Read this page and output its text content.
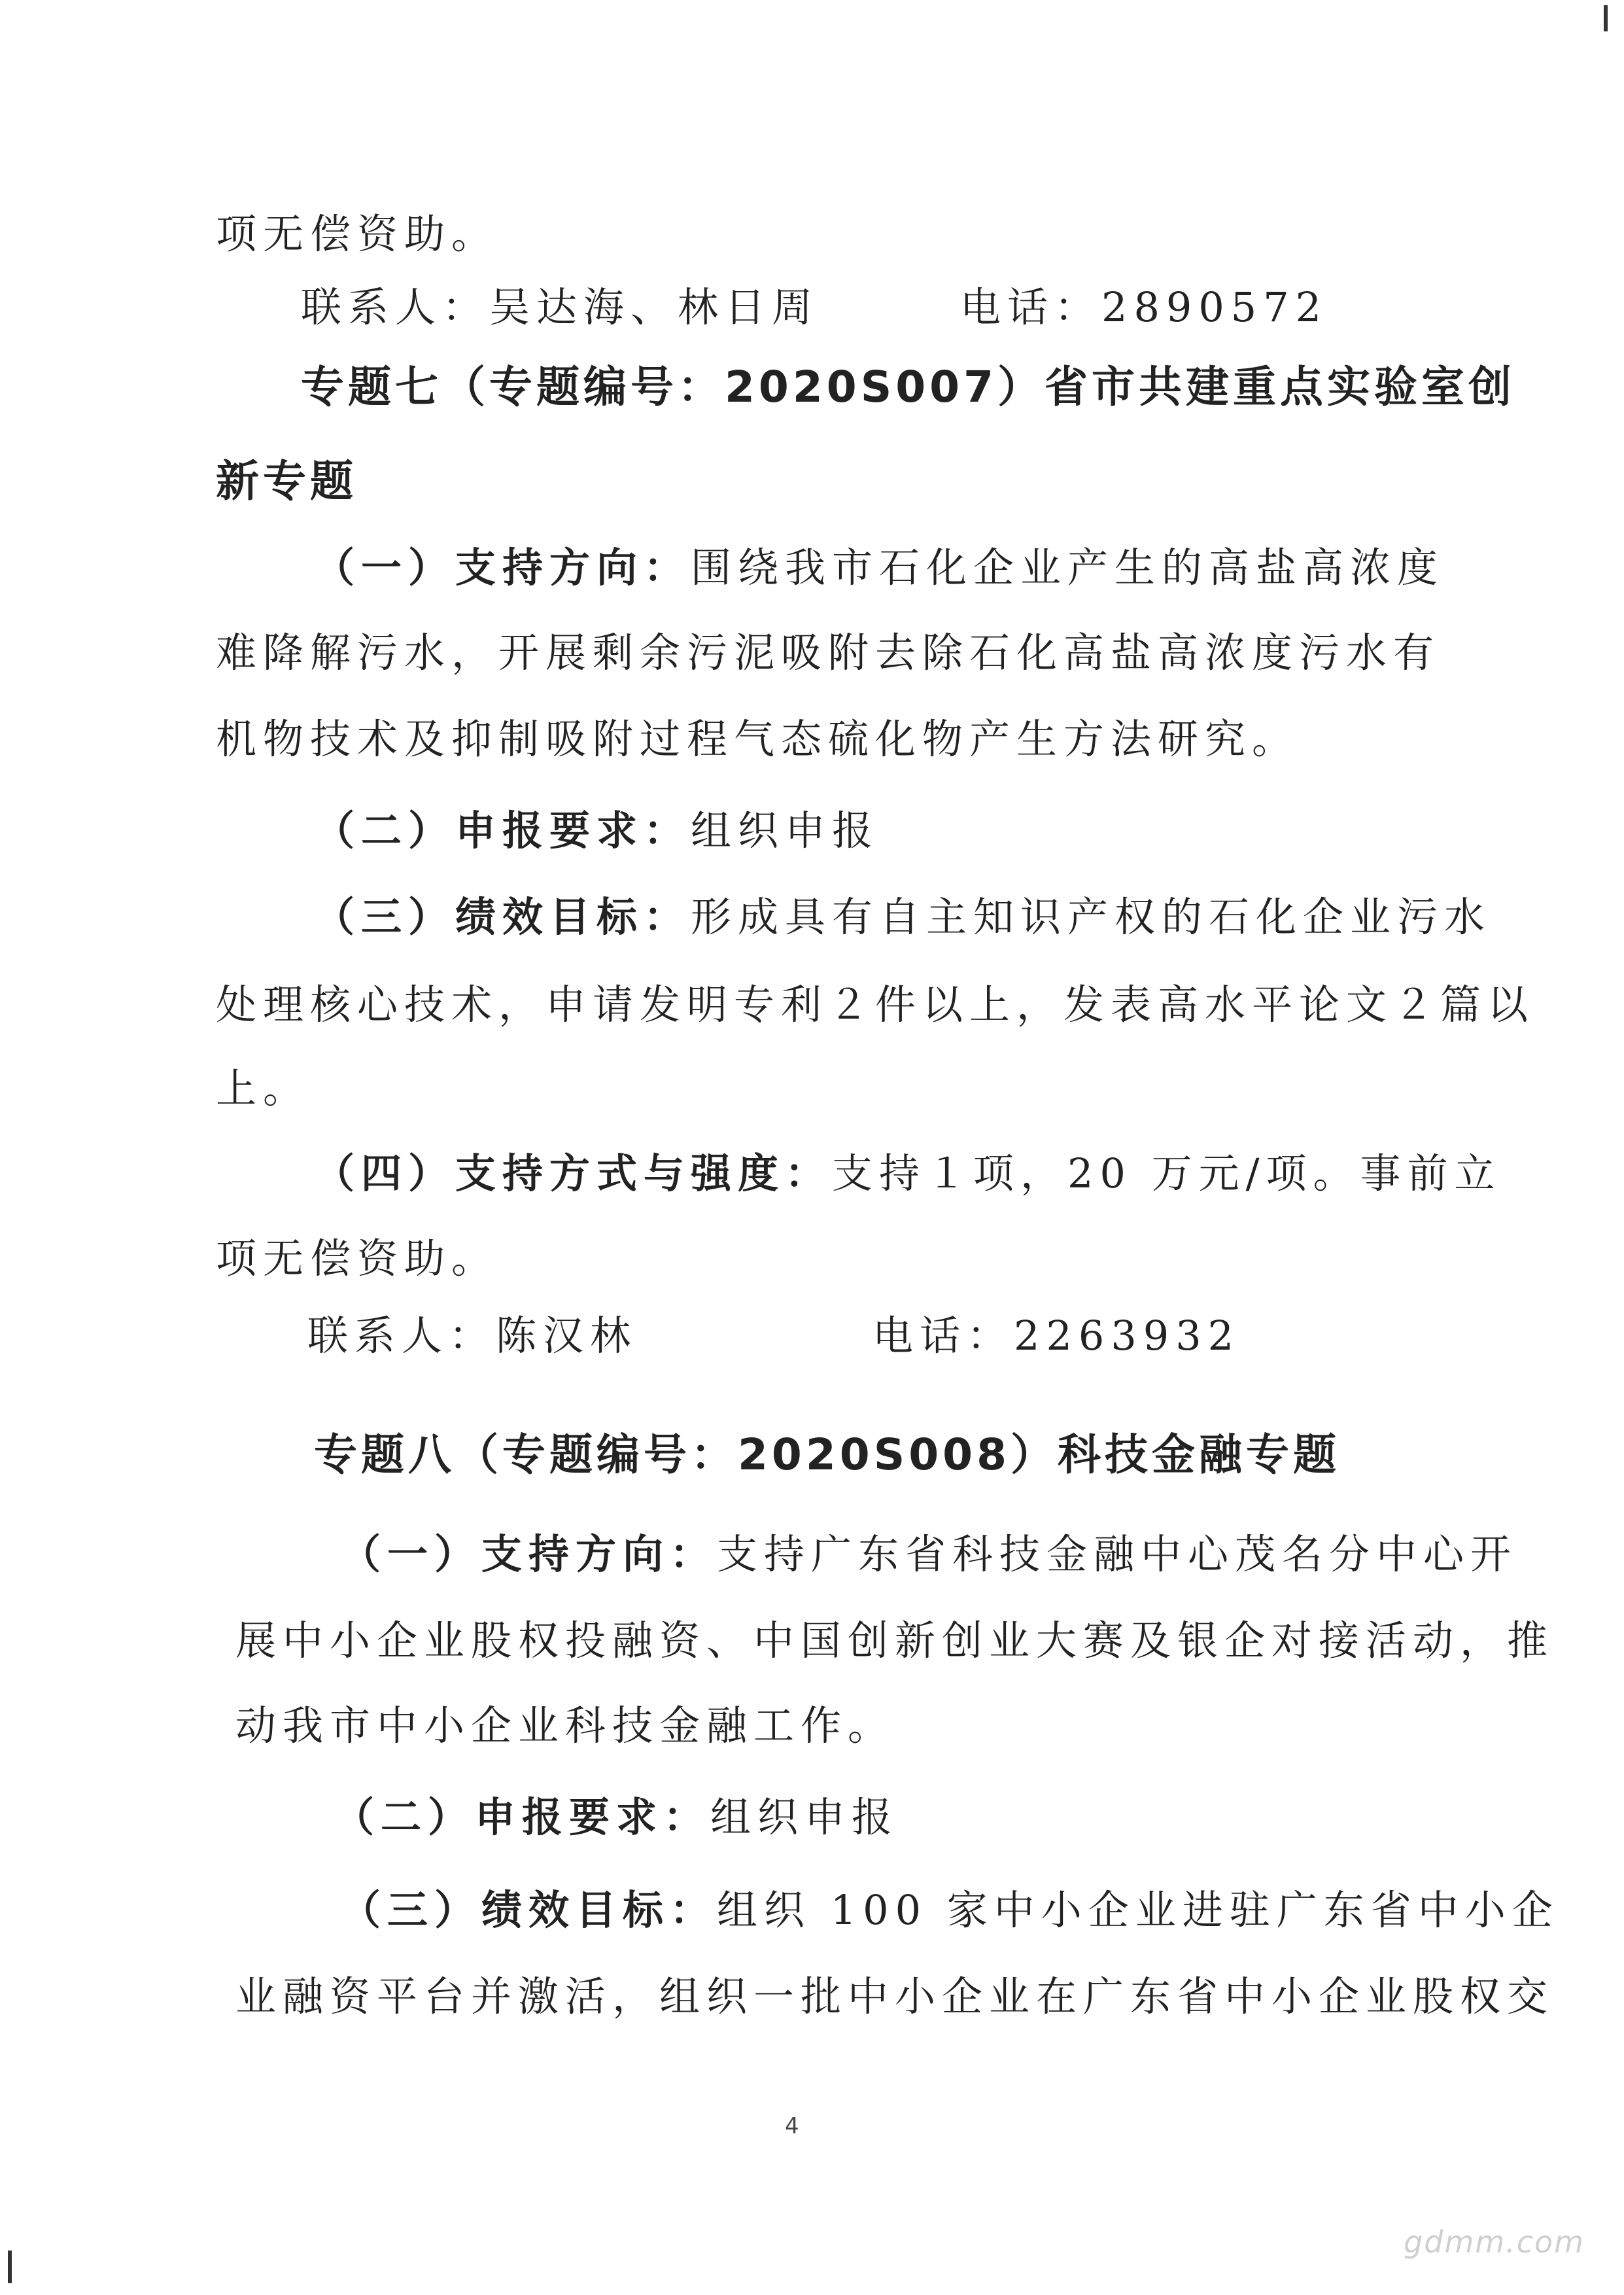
项无偿资助。
联系人：吴达海、林日周　　　电话：2890572
专题七（专题编号：2020S007）省市共建重点实验室创
新专题
（一）支持方向：围绕我市石化企业产生的高盐高浓度
难降解污水，开展剩余污泥吸附去除石化高盐高浓度污水有
机物技术及抑制吸附过程气态硫化物产生方法研究。
（二）申报要求：组织申报
（三）绩效目标：形成具有自主知识产权的石化企业污水
处理核心技术，申请发明专利２件以上，发表高水平论文２篇以
上。
（四）支持方式与强度：支持１项，20 万元/项。事前立
项无偿资助。
联系人：陈汉林　　　　　电话：2263932
专题八（专题编号：2020S008）科技金融专题
（一）支持方向：支持广东省科技金融中心茂名分中心开
展中小企业股权投融资、中国创新创业大赛及银企对接活动，推
动我市中小企业科技金融工作。
（二）申报要求：组织申报
（三）绩效目标：组织 100 家中小企业进驻广东省中小企
业融资平台并激活，组织一批中小企业在广东省中小企业股权交
4
gdmm.com
